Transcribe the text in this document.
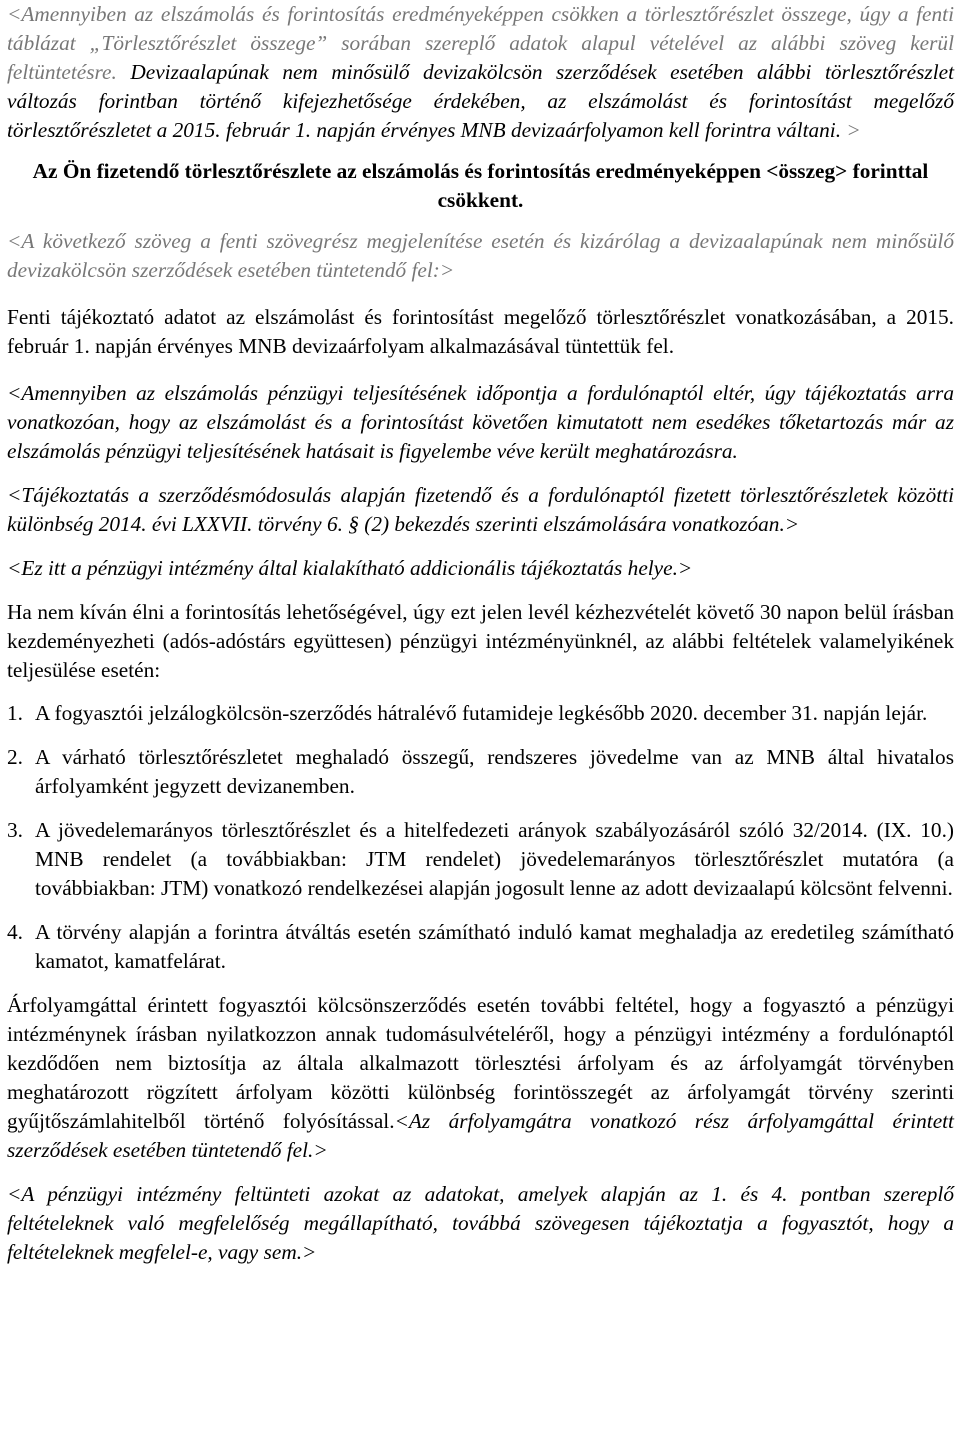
<Amennyiben az elszámolás és forintosítás eredményeképpen csökken a törlesztőrészlet összege, úgy a fenti táblázat „Törlesztőrészlet összege” sorában szereplő adatok alapul vételével az alábbi szöveg kerül feltüntetésre. Devizaalapúnak nem minősülő devizakölcsön szerződések esetében alábbi törlesztőrészlet változás forintban történő kifejezhetősége érdekében, az elszámolást és forintosítást megelőző törlesztőrészletet a 2015. február 1. napján érvényes MNB devizaárfolyamon kell forintra váltani. >

Az Ön fizetendő törlesztőrészlete az elszámolás és forintosítás eredményeképpen <összeg> forinttal csökkent.

<A következő szöveg a fenti szövegrész megjelenítése esetén és kizárólag a devizaalapúnak nem minősülő devizakölcsön szerződések esetében tüntetendő fel:>

Fenti tájékoztató adatot az elszámolást és forintosítást megelőző törlesztőrészlet vonatkozásában, a 2015. február 1. napján érvényes MNB devizaárfolyam alkalmazásával tüntettük fel.

<Amennyiben az elszámolás pénzügyi teljesítésének időpontja a fordulónaptól eltér, úgy tájékoztatás arra vonatkozóan, hogy az elszámolást és a forintosítást követően kimutatott nem esedékes tőketartozás már az elszámolás pénzügyi teljesítésének hatásait is figyelembe véve került meghatározásra.

<Tájékoztatás a szerződésmódosulás alapján fizetendő és a fordulónaptól fizetett törlesztőrészletek közötti különbség 2014. évi LXXVII. törvény 6. § (2) bekezdés szerinti elszámolására vonatkozóan.>

<Ez itt a pénzügyi intézmény által kialakítható addicionális tájékoztatás helye.>

Ha nem kíván élni a forintosítás lehetőségével, úgy ezt jelen levél kézhezvételét követő 30 napon belül írásban kezdeményezheti (adós-adóstárs együttesen) pénzügyi intézményünknél, az alábbi feltételek valamelyikének teljesülése esetén:

1. A fogyasztói jelzálogkölcsön-szerződés hátralévő futamideje legkésőbb 2020. december 31. napján lejár.
2. A várható törlesztőrészletet meghaladó összegű, rendszeres jövedelme van az MNB által hivatalos árfolyamként jegyzett devizanemben.
3. A jövedelemarányos törlesztőrészlet és a hitelfedezeti arányok szabályozásáról szóló 32/2014. (IX. 10.) MNB rendelet (a továbbiakban: JTM rendelet) jövedelemarányos törlesztőrészlet mutatóra (a továbbiakban: JTM) vonatkozó rendelkezései alapján jogosult lenne az adott devizaalapú kölcsönt felvenni.
4. A törvény alapján a forintra átváltás esetén számítható induló kamat meghaladja az eredetileg számítható kamatot, kamatfelárat.

Árfolyamgáttal érintett fogyasztói kölcsönszerződés esetén további feltétel, hogy a fogyasztó a pénzügyi intézménynek írásban nyilatkozzon annak tudomásulvételéről, hogy a pénzügyi intézmény a fordulónaptól kezdődően nem biztosítja az általa alkalmazott törlesztési árfolyam és az árfolyamgát törvényben meghatározott rögzített árfolyam közötti különbség forintösszegét az árfolyamgát törvény szerinti gyűjtőszámlahitelből történő folyósítással.<Az árfolyamgátra vonatkozó rész árfolyamgáttal érintett szerződések esetében tüntetendő fel.>

<A pénzügyi intézmény feltünteti azokat az adatokat, amelyek alapján az 1. és 4. pontban szereplő feltételeknek való megfelelőség megállapítható, továbbá szövegesen tájékoztatja a fogyasztót, hogy a feltételeknek megfelel-e, vagy sem.>
